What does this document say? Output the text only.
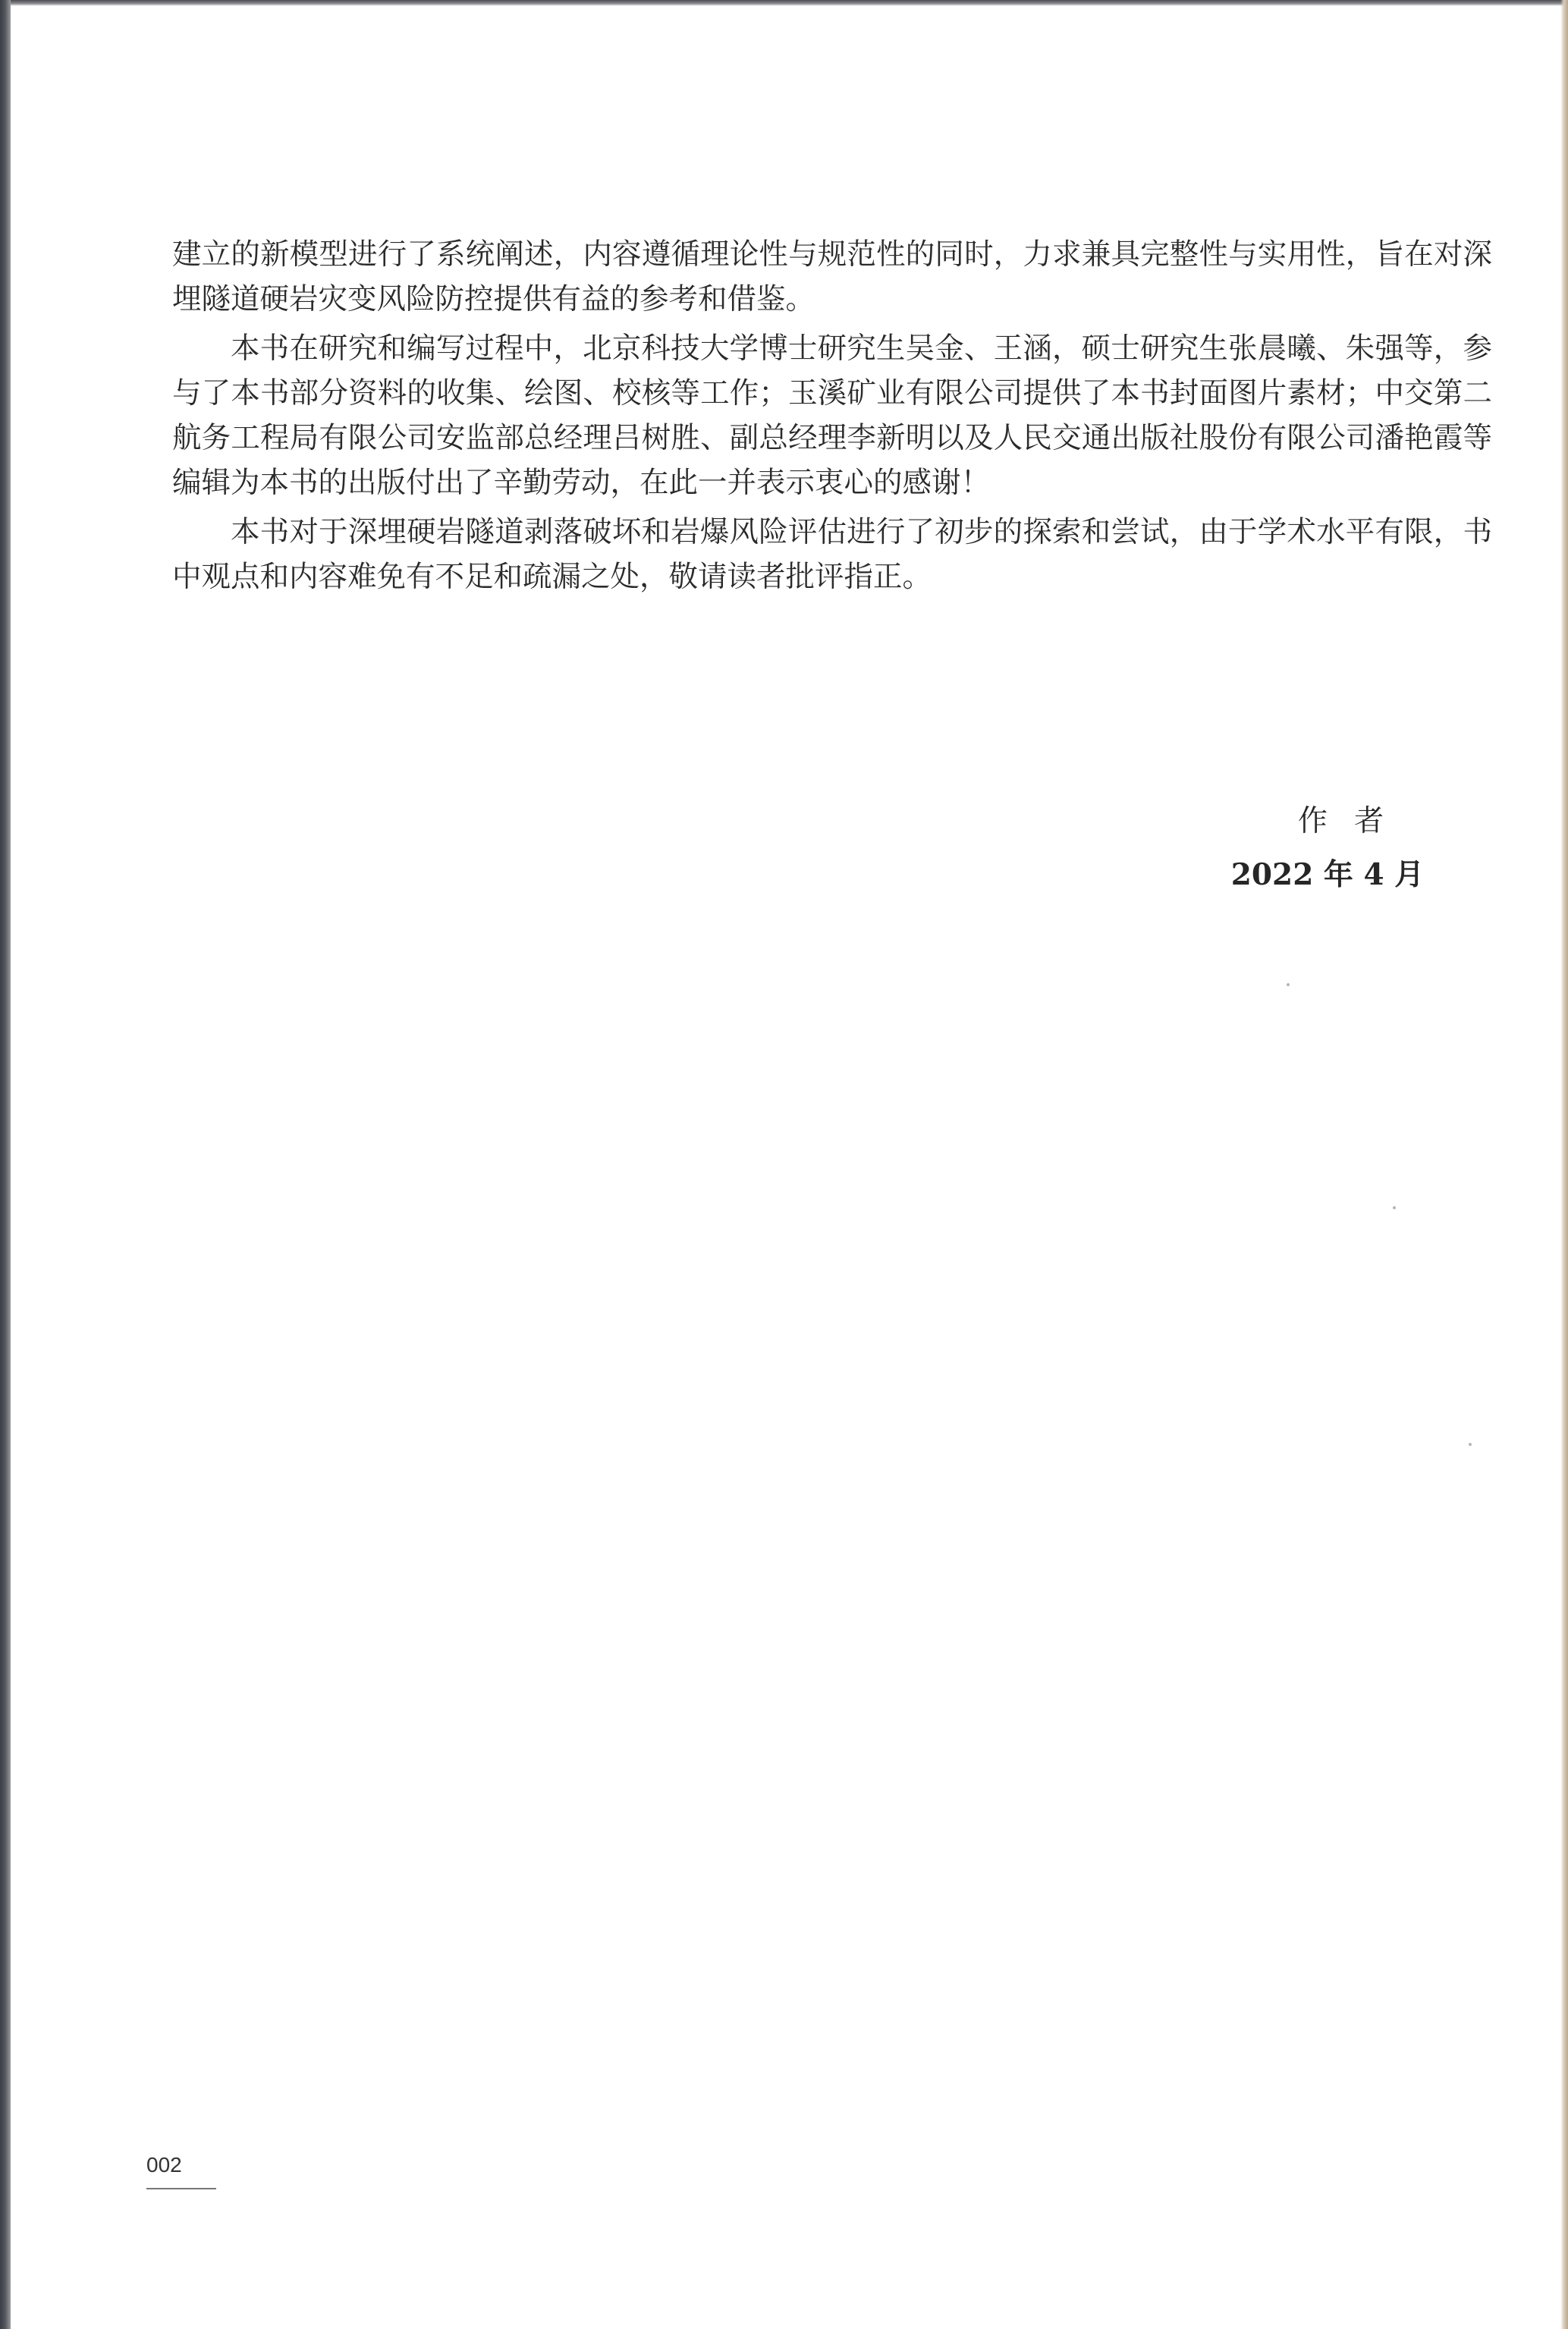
建立的新模型进行了系统阐述，内容遵循理论性与规范性的同时，力求兼具完整性与实用性，旨在对深埋隧道硬岩灾变风险防控提供有益的参考和借鉴。

本书在研究和编写过程中，北京科技大学博士研究生吴金、王涵，硕士研究生张晨曦、朱强等，参与了本书部分资料的收集、绘图、校核等工作；玉溪矿业有限公司提供了本书封面图片素材；中交第二航务工程局有限公司安监部总经理吕树胜、副总经理李新明以及人民交通出版社股份有限公司潘艳霞等编辑为本书的出版付出了辛勤劳动，在此一并表示衷心的感谢！

本书对于深埋硬岩隧道剥落破坏和岩爆风险评估进行了初步的探索和尝试，由于学术水平有限，书中观点和内容难免有不足和疏漏之处，敬请读者批评指正。

作者
2022 年 4 月
002
